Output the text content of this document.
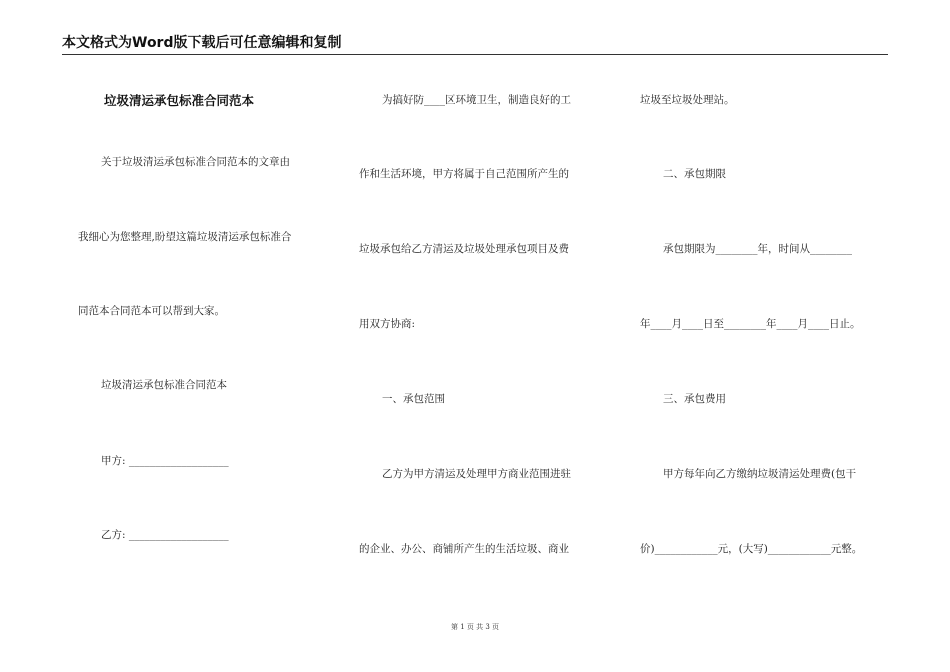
本文格式为Word版下载后可任意编辑和复制
垃圾清运承包标准合同范本
关于垃圾清运承包标准合同范本的文章由
我细心为您整理,盼望这篇垃圾清运承包标准合
同范本合同范本可以帮到大家。
垃圾清运承包标准合同范本
甲方: ___________________
乙方: ___________________
为搞好防____区环境卫生，制造良好的工
作和生活环境，甲方将属于自己范围所产生的
垃圾承包给乙方清运及垃圾处理承包项目及费
用双方协商:
一、承包范围
乙方为甲方清运及处理甲方商业范围进驻
的企业、办公、商铺所产生的生活垃圾、商业
垃圾至垃圾处理站。
二、承包期限
承包期限为________年，时间从________
年____月____日至________年____月____日止。
三、承包费用
甲方每年向乙方缴纳垃圾清运处理费(包干
价)____________元，(大写)____________元整。
第 1 页 共 3 页
